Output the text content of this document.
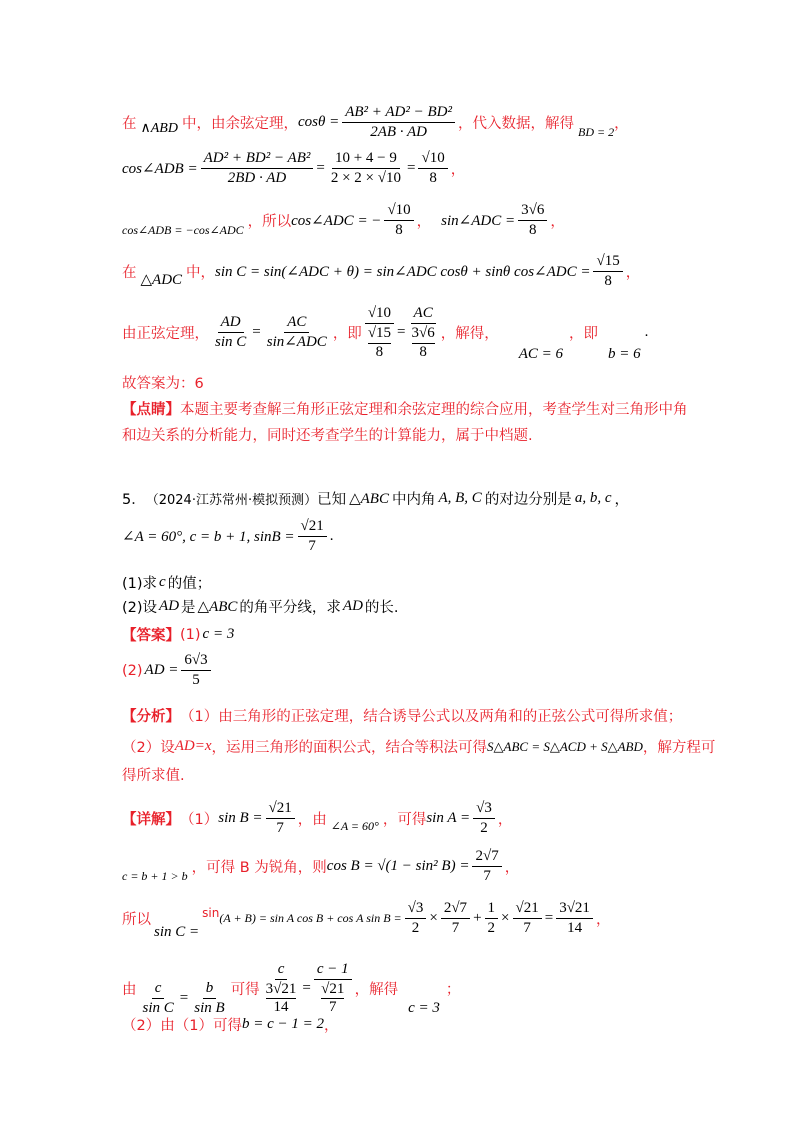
在 ∧ABD 中，由余弦定理， $\cos\theta = \frac{\text{AB² + AD² − BD²}}{2AB \cdot AD}$ ，代入数据，解得 BD = 2 ，
cos∠ADB = $\frac{\text{AD² + BD² − AB²}}{2BD \cdot AD} = \frac{10 + 4 - 9}{2 \times 2 \times √10} = \frac{√10}{8}$ ，
cos∠ADB = −cos∠ADC ，所以 cos∠ADC = − $\frac{√10}{8}$ ， sin∠ADC = $\frac{3√6}{8}$ ，
在 △ADC 中， sin C = sin(∠ADC + θ) = sin∠ADC cosθ + sinθ cos∠ADC = $\frac{√15}{8}$ ，
由正弦定理， $\frac{AD}{\text{sin C}} = \frac{AC}{\text{sin∠ADC}}$ ，即 $\frac{√10}{\frac{√15}{8}} = \frac{AC}{\frac{3√6}{8}}$ ，解得，
AC = 6
，即
b = 6
.
故答案为：6
【点睛】 本题主要考查解三角形正弦定理和余弦定理的综合应用，考查学生对三角形中角
和边关系的分析能力，同时还考查学生的计算能力，属于中档题.
5． （2024·江苏常州·模拟预测） 已知 △ABC 中内角 A, B, C 的对边分别是 a, b, c ，
∠A = 60°, c = b + 1, $\sin B = \frac{√21}{7}$ .
(1)求 c 的值；
(2)设 AD 是 △ABC 的角平分线，求 AD 的长.
【答案】 (1) c = 3
(2) AD = $\frac{6√3}{5}$
【分析】 （1）由三角形的正弦定理，结合诱导公式以及两角和的正弦公式可得所求值；
（2）设 AD=x ，运用三角形的面积公式，结合等积法可得 S△ABC = S△ACD + S△ABD ，解方程可
得所求值.
【详解】 （1） $\sin B = \frac{√21}{7}$ ，由 ∠A = 60° ，可得 $\sin A = \frac{√3}{2}$ ，
c = b + 1 > b ，可得 B 为锐角，则 cos B = √(1 − sin² $B) = \frac{2√7}{7}$ ，
所以
sin C =
sin (A + B) = sin A cos B + cos A $\sin B = \frac{√3}{2} \times \frac{2√7}{7} + \frac{1}{2} \times \frac{√21}{7} = \frac{3√21}{14}$ ，
由 $\frac{c}{\text{sin C}} = \frac{b}{\text{sin B}}$ 可得 $\frac{c}{\frac{3√21}{14}} = \frac{c - 1}{\frac{√21}{7}}$ ，解得
c = 3
；
（2）由（1）可得 b = c − 1 = 2 ，
